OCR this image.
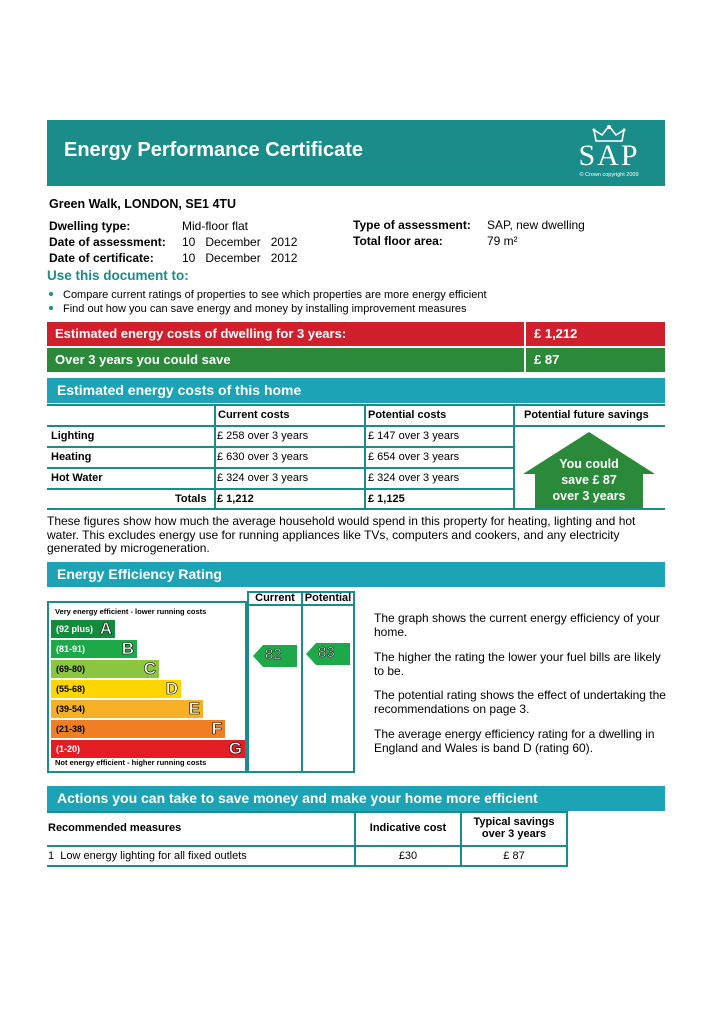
Energy Performance Certificate	SAP
© Crown copyright 2009
Green Walk, LONDON, SE1 4TU
Dwelling type:	Mid-floor flat
Date of assessment: 10 December 2012
Date of certificate: 10 December 2012
Type of assessment: SAP, new dwelling
Total floor area:	79 m²
Use this document to:
Compare current ratings of properties to see which properties are more energy efficient
Find out how you can save energy and money by installing improvement measures
Estimated energy costs of dwelling for 3 years:	£ 1,212
Over 3 years you could save	£ 87
Estimated energy costs of this home
Current costs	Potential costs	Potential future savings
Lighting	£ 258 over 3 years	£ 147 over 3 years
Heating	£ 630 over 3 years	£ 654 over 3 years
Hot Water	£ 324 over 3 years	£ 324 over 3 years
Totals £ 1,212	£ 1,125
You could
save £ 87
over 3 years
These figures show how much the average household would spend in this property for heating, lighting and hot water. This excludes energy use for running appliances like TVs, computers and cookers, and any electricity generated by microgeneration.
Energy Efficiency Rating
Very energy efficient - lower running costs
(92 plus) A
(81-91) B
(69-80)	C
(55-68)	D
(39-54)	E
(21-38)	F
(1-20)	G
Not energy efficient - higher running costs
Current Potential
82 83
The graph shows the current energy efficiency of your home.
The higher the rating the lower your fuel bills are likely to be.
The potential rating shows the effect of undertaking the recommendations on page 3.
The average energy efficiency rating for a dwelling in England and Wales is band D (rating 60).
Actions you can take to save money and make your home more efficient
Recommended measures	Indicative cost	Typical savings
over 3 years
1 Low energy lighting for all fixed outlets	£30	£ 87
